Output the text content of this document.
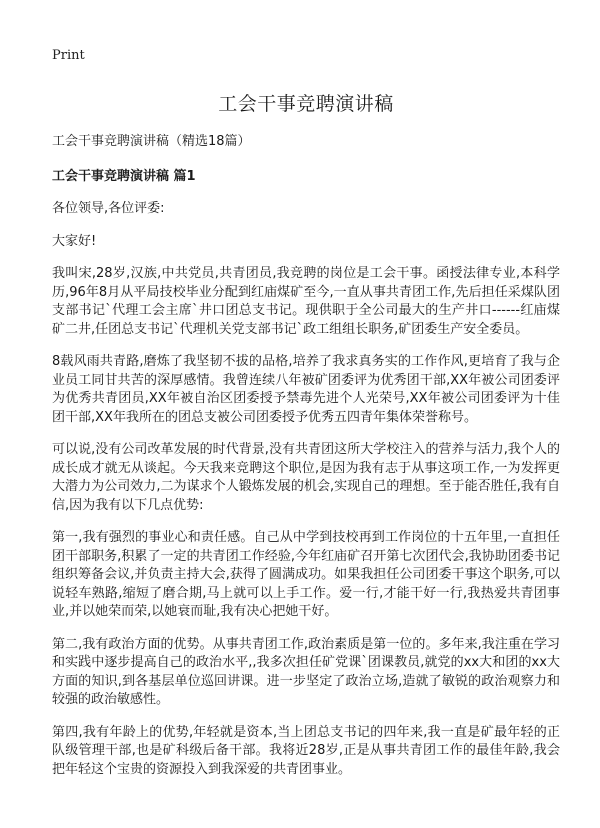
Print
工会干事竞聘演讲稿
工会干事竞聘演讲稿（精选18篇）
工会干事竞聘演讲稿 篇1

各位领导,各位评委:

大家好!

我叫宋,28岁,汉族,中共党员,共青团员,我竞聘的岗位是工会干事。函授法律专业,本科学历,96年8月从平局技校毕业分配到红庙煤矿至今,一直从事共青团工作,先后担任采煤队团支部书记`代理工会主席`井口团总支书记。现供职于全公司最大的生产井口------红庙煤矿二井,任团总支书记`代理机关党支部书记`政工组组长职务,矿团委生产安全委员。

8载风雨共青路,磨炼了我坚韧不拔的品格,培养了我求真务实的工作作风,更培育了我与企业员工同甘共苦的深厚感情。我曾连续八年被矿团委评为优秀团干部,XX年被公司团委评为优秀共青团员,XX年被自治区团委授予禁毒先进个人光荣号,XX年被公司团委评为十佳团干部,XX年我所在的团总支被公司团委授予优秀五四青年集体荣誉称号。

可以说,没有公司改革发展的时代背景,没有共青团这所大学校注入的营养与活力,我个人的成长成才就无从谈起。今天我来竞聘这个职位,是因为我有志于从事这项工作,一为发挥更大潜力为公司效力,二为谋求个人锻炼发展的机会,实现自己的理想。至于能否胜任,我有自信,因为我有以下几点优势:

第一,我有强烈的事业心和责任感。自己从中学到技校再到工作岗位的十五年里,一直担任团干部职务,积累了一定的共青团工作经验,今年红庙矿召开第七次团代会,我协助团委书记组织筹备会议,并负责主持大会,获得了圆满成功。如果我担任公司团委干事这个职务,可以说轻车熟路,缩短了磨合期,马上就可以上手工作。爱一行,才能干好一行,我热爱共青团事业,并以她荣而荣,以她衰而耻,我有决心把她干好。

第二,我有政治方面的优势。从事共青团工作,政治素质是第一位的。多年来,我注重在学习和实践中逐步提高自己的政治水平,,我多次担任矿党课`团课教员,就党的xx大和团的xx大方面的知识,到各基层单位巡回讲课。进一步坚定了政治立场,造就了敏锐的政治观察力和较强的政治敏感性。

第四,我有年龄上的优势,年轻就是资本,当上团总支书记的四年来,我一直是矿最年轻的正队级管理干部,也是矿科级后备干部。我将近28岁,正是从事共青团工作的最佳年龄,我会把年轻这个宝贵的资源投入到我深爱的共青团事业。
